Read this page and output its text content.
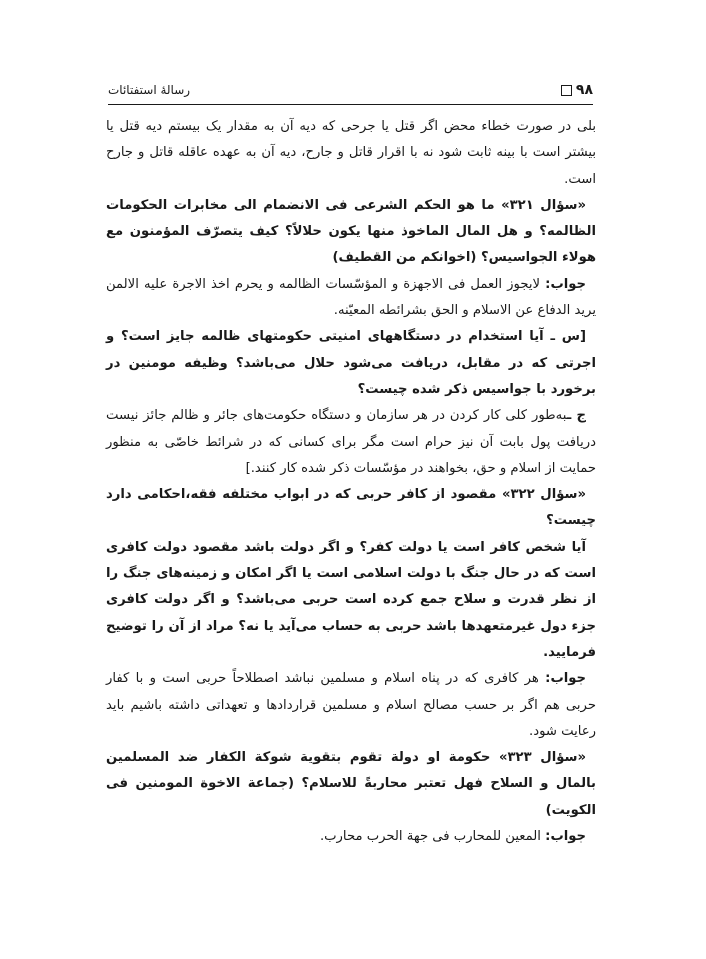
۹۸
رسالهٔ استفتائات

بلی در صورت خطاء محض اگر قتل یا جرحی که دیه آن به مقدار یک بیستم دیه قتل یا بیشتر است با بینه ثابت شود نه با اقرار قاتل و جارح، دیه آن به عهده عاقله قاتل و جارح است.

«سؤال ۳۲۱» ما هو الحکم الشرعی فی الانضمام الی مخابرات الحکومات الظالمه؟ و هل المال الماخوذ منها یکون حلالاً؟ کیف یتصرّف المؤمنون مع هولاء الجواسیس؟ (اخوانکم من القطیف)

جواب: لایجوز العمل فی الاجهزة و المؤسّسات الظالمه و یحرم اخذ الاجرة علیه الالمن یرید الدفاع عن الاسلام و الحق بشرائطه المعیّنه.

[س ـ آیا استخدام در دستگاههای امنیتی حکومتهای ظالمه جایز است؟ و اجرتی که در مقابل، دریافت می‌شود حلال می‌باشد؟ وظیفه مومنین در برخورد با جواسیس ذکر شده چیست؟

ج ـبه‌طور کلی کار کردن در هر سازمان و دستگاه حکومت‌های جائر و ظالم جائز نیست دریافت پول بابت آن نیز حرام است مگر برای کسانی که در شرائط خاصّی به منظور حمایت از اسلام و حق، بخواهند در مؤسّسات ذکر شده کار کنند.]

«سؤال ۳۲۲» مقصود از کافر حربی که در ابواب مختلفه فقه،احکامی دارد چیست؟

آیا شخص کافر است یا دولت کفر؟ و اگر دولت باشد مقصود دولت کافری است که در حال جنگ با دولت اسلامی است یا اگر امکان و زمینه‌های جنگ را از نظر قدرت و سلاح جمع کرده است حربی می‌باشد؟ و اگر دولت کافری جزء دول غیرمتعهدها باشد حربی به حساب می‌آید یا نه؟ مراد از آن را توضیح فرمایید.

جواب: هر کافری که در پناه اسلام و مسلمین نباشد اصطلاحاً حربی است و با کفار حربی هم اگر بر حسب مصالح اسلام و مسلمین قراردادها و تعهداتی داشته باشیم باید رعایت شود.

«سؤال ۳۲۳» حکومة او دولة تقوم بتقویة شوکة الکفار ضد المسلمین بالمال و السلاح فهل تعتبر محاربةً للاسلام؟ (جماعة الاخوة المومنین فی الکویت)

جواب: المعین للمحارب فی جهة الحرب محارب.
